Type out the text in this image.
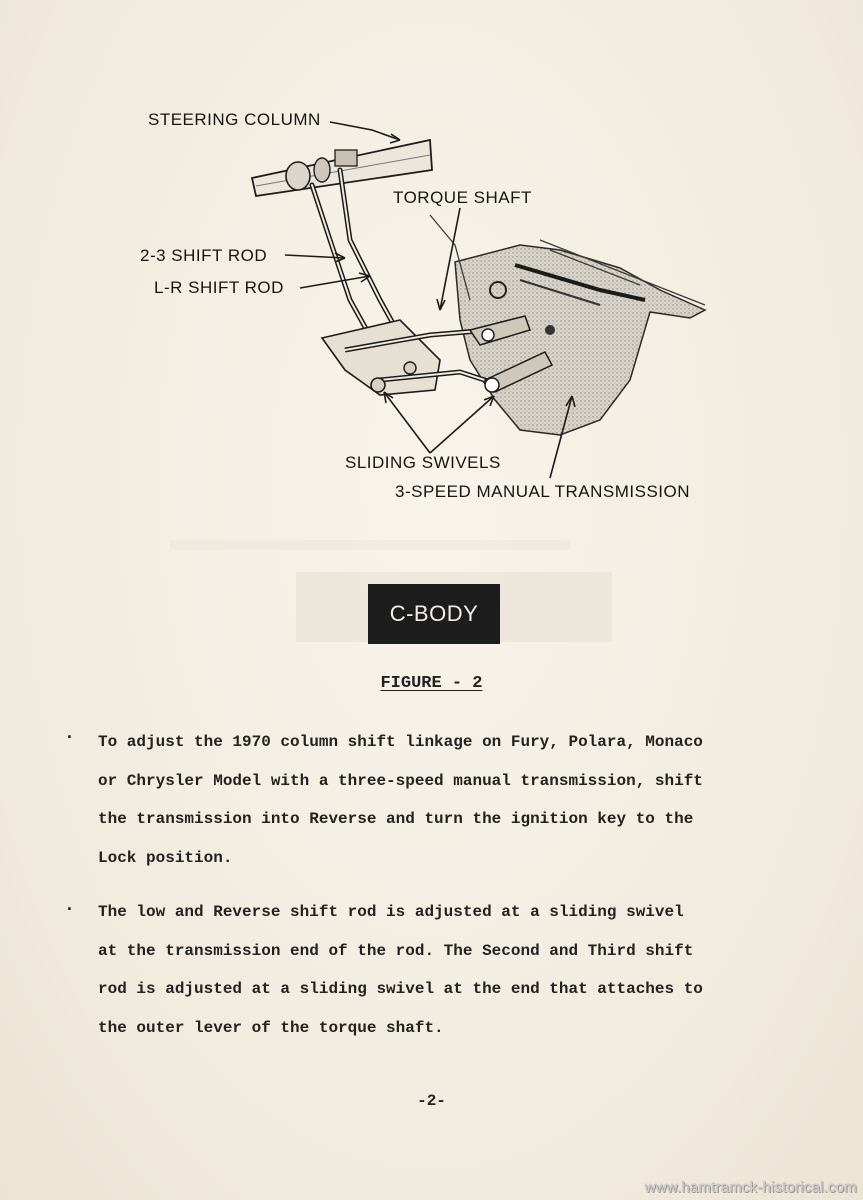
STEERING COLUMN
TORQUE SHAFT
2-3 SHIFT ROD
L-R SHIFT ROD
SLIDING SWIVELS
3-SPEED MANUAL TRANSMISSION
C-BODY
FIGURE - 2
. To adjust the 1970 column shift linkage on Fury, Polara, Monaco
or Chrysler Model with a three-speed manual transmission, shift
the transmission into Reverse and turn the ignition key to the
Lock position.
. The low and Reverse shift rod is adjusted at a sliding swivel
at the transmission end of the rod. The Second and Third shift
rod is adjusted at a sliding swivel at the end that attaches to
the outer lever of the torque shaft.
-2-
www.hamtramck-historical.com
